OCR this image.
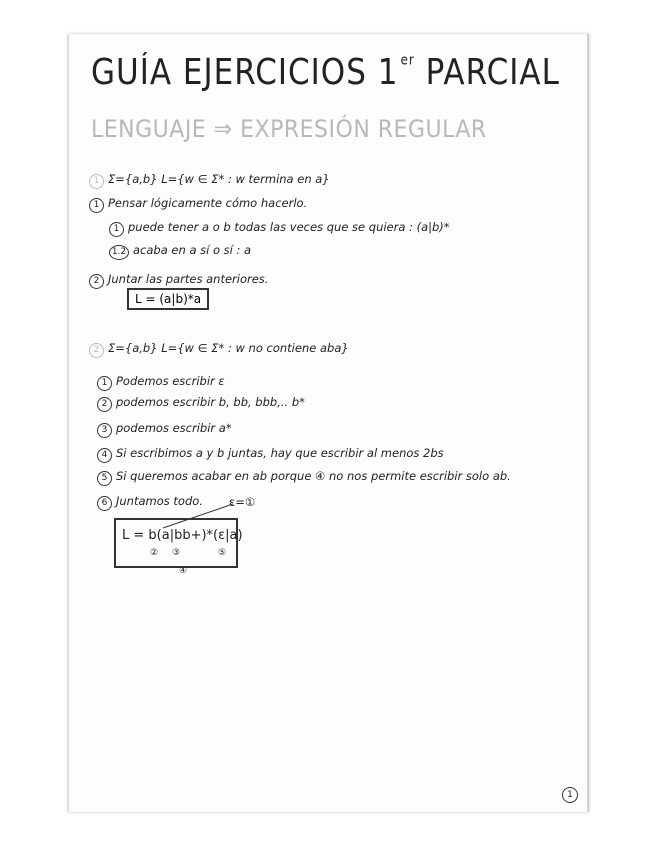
GUÍA EJERCICIOS 1 $^{er}$ PARCIAL
LENGUAJE ⇒ EXPRESIÓN REGULAR
1 Σ={a,b} L={w ∈ Σ* : w termina en a}
1 Pensar lógicamente cómo hacerlo.
1 puede tener a o b todas las veces que se quiera : (a|b)*
1.2 acaba en a sí o sí : a
2 Juntar las partes anteriores.
L = (a|b)*a
2 Σ={a,b} L={w ∈ Σ* : w no contiene aba}
1 Podemos escribir ε
2 podemos escribir b, bb, bbb,.. b*
3 podemos escribir a*
4 Si escribimos a y b juntas, hay que escribir al menos 2bs
5 Si queremos acabar en ab porque ④ no nos permite escribir solo ab.
6 Juntamos todo. ε=①
L = b(a|bb+)*(ε|a)
② ③	⑤
④
1
